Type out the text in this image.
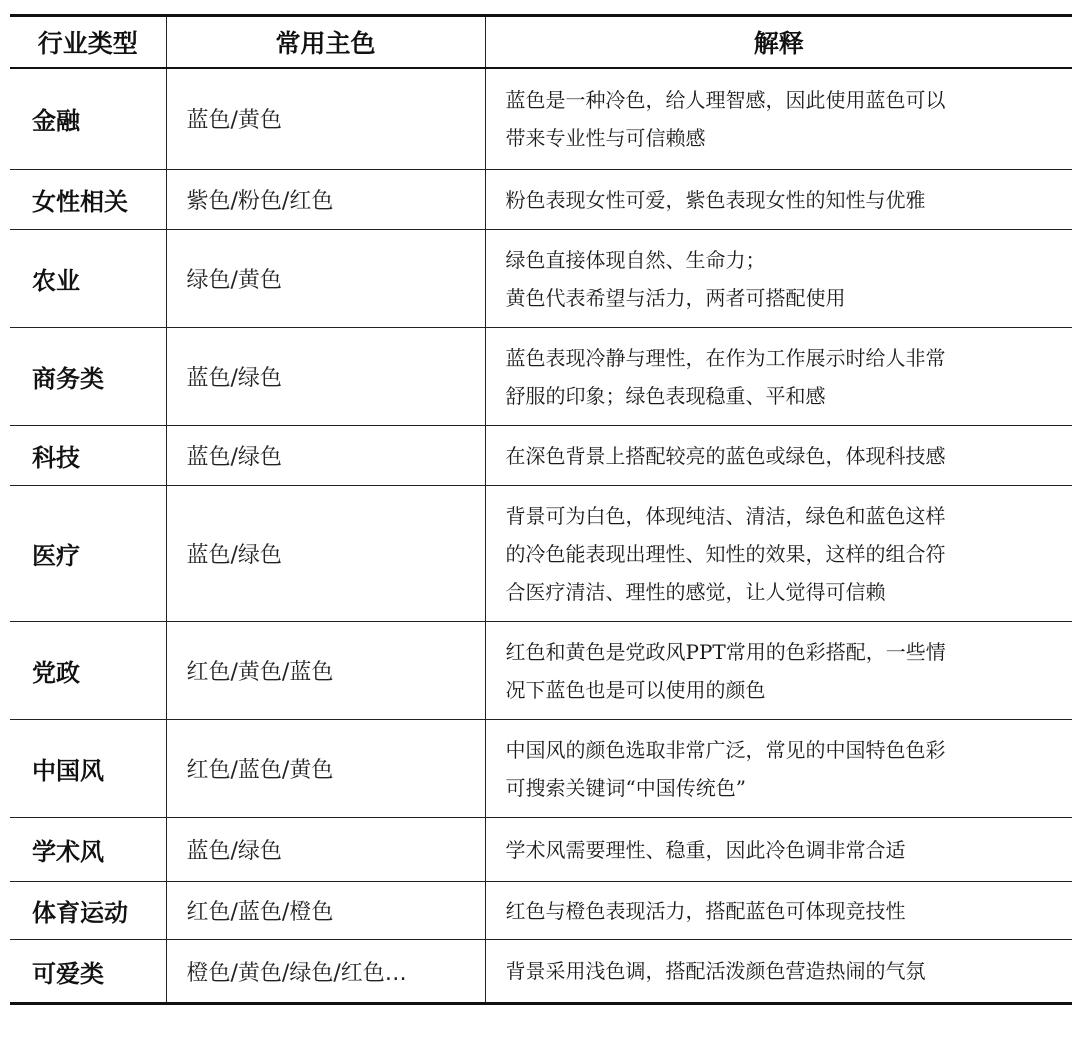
行业类型	常用主色	解释
金融	蓝色/黄色	蓝色是一种冷色，给人理智感，因此使用蓝色可以
带来专业性与可信赖感

女性相关	紫色/粉色/红色	粉色表现女性可爱，紫色表现女性的知性与优雅

农业	绿色/黄色	绿色直接体现自然、生命力；
黄色代表希望与活力，两者可搭配使用

商务类	蓝色/绿色	蓝色表现冷静与理性，在作为工作展示时给人非常
舒服的印象；绿色表现稳重、平和感

科技	蓝色/绿色	在深色背景上搭配较亮的蓝色或绿色，体现科技感

医疗	蓝色/绿色	背景可为白色，体现纯洁、清洁，绿色和蓝色这样
的冷色能表现出理性、知性的效果，这样的组合符
合医疗清洁、理性的感觉，让人觉得可信赖

党政	红色/黄色/蓝色	红色和黄色是党政风PPT常用的色彩搭配，一些情
况下蓝色也是可以使用的颜色

中国风	红色/蓝色/黄色	中国风的颜色选取非常广泛，常见的中国特色色彩
可搜索关键词“中国传统色”

学术风	蓝色/绿色	学术风需要理性、稳重，因此冷色调非常合适

体育运动	红色/蓝色/橙色	红色与橙色表现活力，搭配蓝色可体现竞技性

可爱类	橙色/黄色/绿色/红色…	背景采用浅色调，搭配活泼颜色营造热闹的气氛
